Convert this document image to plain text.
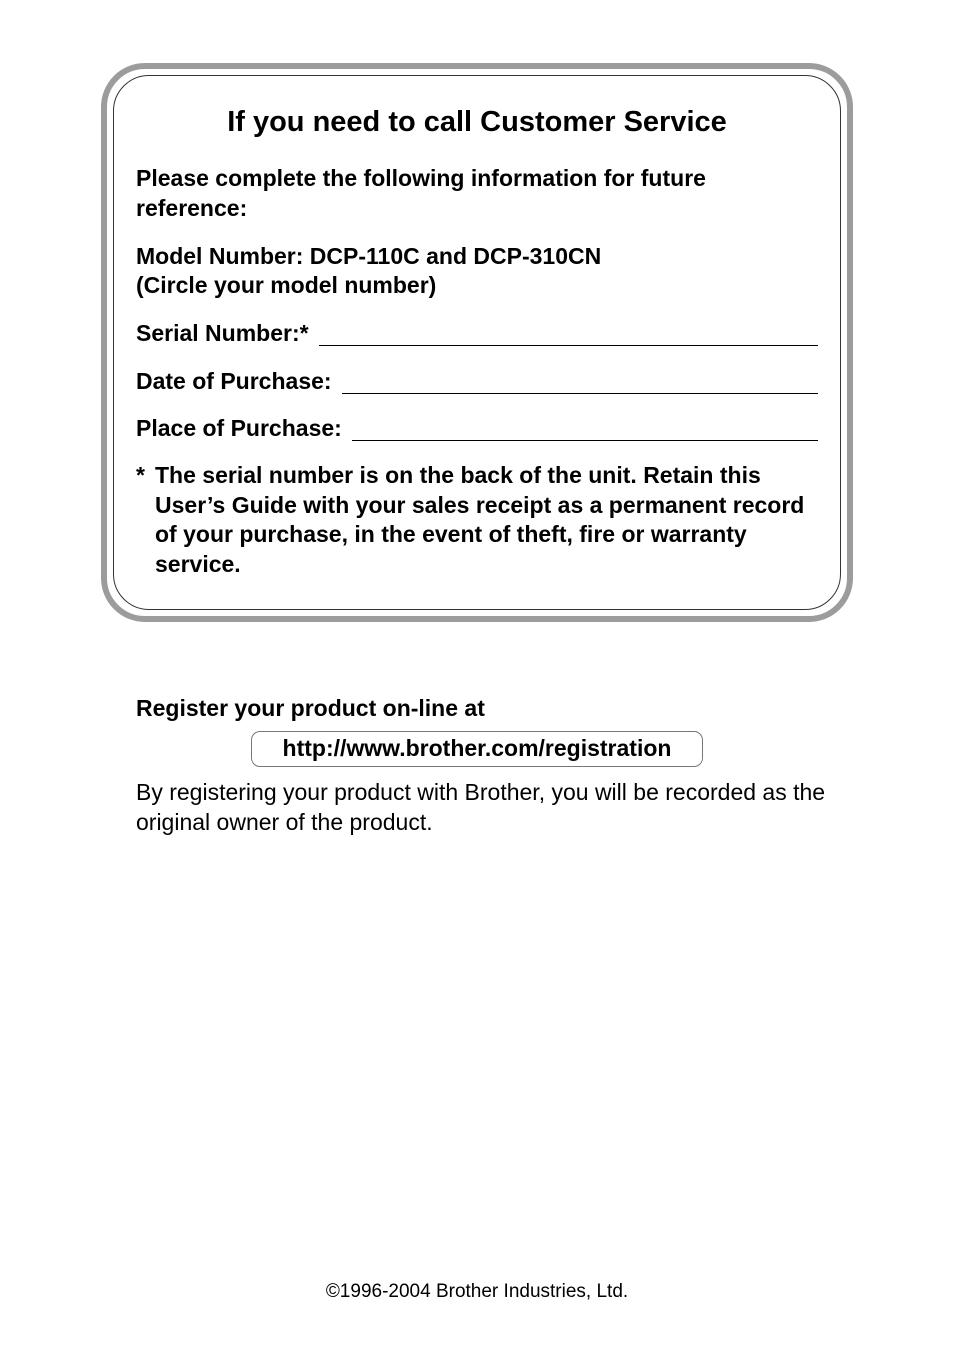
If you need to call Customer Service
Please complete the following information for future
reference:
Model Number: DCP-110C and DCP-310CN
(Circle your model number)
Serial Number:*
Date of Purchase:
Place of Purchase:
* The serial number is on the back of the unit. Retain this User’s Guide with your sales receipt as a permanent record of your purchase, in the event of theft, fire or warranty service.
Register your product on-line at
http://www.brother.com/registration
By registering your product with Brother, you will be recorded as the original owner of the product.
©1996-2004 Brother Industries, Ltd.
